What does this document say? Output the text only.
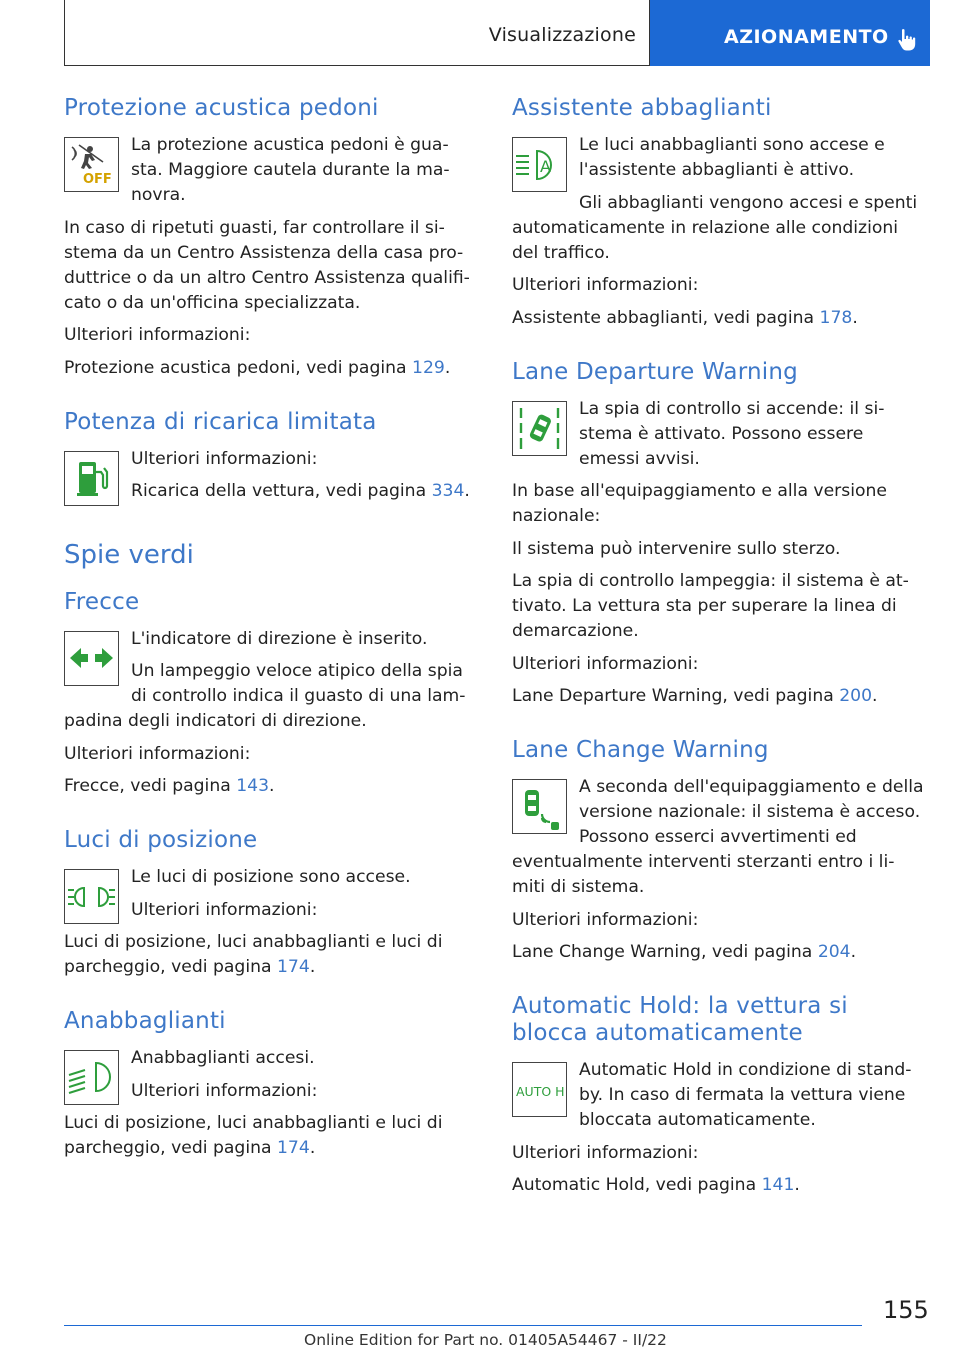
Visualizzazione	AZIONAMENTO
Protezione acustica pedoni
OFF

La protezione acustica pedoni è gua-sta. Maggiore cautela durante la ma-novra.

In caso di ripetuti guasti, far controllare il si-stema da un Centro Assistenza della casa pro-duttrice o da un altro Centro Assistenza qualifi-cato o da un'officina specializzata.

Ulteriori informazioni:

Protezione acustica pedoni, vedi pagina 129.

Potenza di ricarica limitata

Ulteriori informazioni:

Ricarica della vettura, vedi pagina 334.

Spie verdi
Frecce

L'indicatore di direzione è inserito.

Un lampeggio veloce atipico della spia di controllo indica il guasto di una lam-padina degli indicatori di direzione.

Ulteriori informazioni:

Frecce, vedi pagina 143.

Luci di posizione

Le luci di posizione sono accese.

Ulteriori informazioni:

Luci di posizione, luci anabbaglianti e luci di parcheggio, vedi pagina 174.

Anabbaglianti

Anabbaglianti accesi.

Ulteriori informazioni:

Luci di posizione, luci anabbaglianti e luci di parcheggio, vedi pagina 174.

Assistente abbaglianti
A

Le luci anabbaglianti sono accese e l'assistente abbaglianti è attivo.

Gli abbaglianti vengono accesi e spenti automaticamente in relazione alle condizioni del traffico.

Ulteriori informazioni:

Assistente abbaglianti, vedi pagina 178.

Lane Departure Warning

La spia di controllo si accende: il si-stema è attivato. Possono essere emessi avvisi.

In base all'equipaggiamento e alla versione nazionale:

Il sistema può intervenire sullo sterzo.

La spia di controllo lampeggia: il sistema è at-tivato. La vettura sta per superare la linea di demarcazione.

Ulteriori informazioni:

Lane Departure Warning, vedi pagina 200.

Lane Change Warning

A seconda dell'equipaggiamento e della versione nazionale: il sistema è acceso. Possono esserci avvertimenti ed eventualmente interventi sterzanti entro i li-miti di sistema.

Ulteriori informazioni:

Lane Change Warning, vedi pagina 204.

Automatic Hold: la vettura si blocca automaticamente
AUTO H

Automatic Hold in condizione di stand-by. In caso di fermata la vettura viene bloccata automaticamente.

Ulteriori informazioni:

Automatic Hold, vedi pagina 141.

155
Online Edition for Part no. 01405A54467 - II/22
